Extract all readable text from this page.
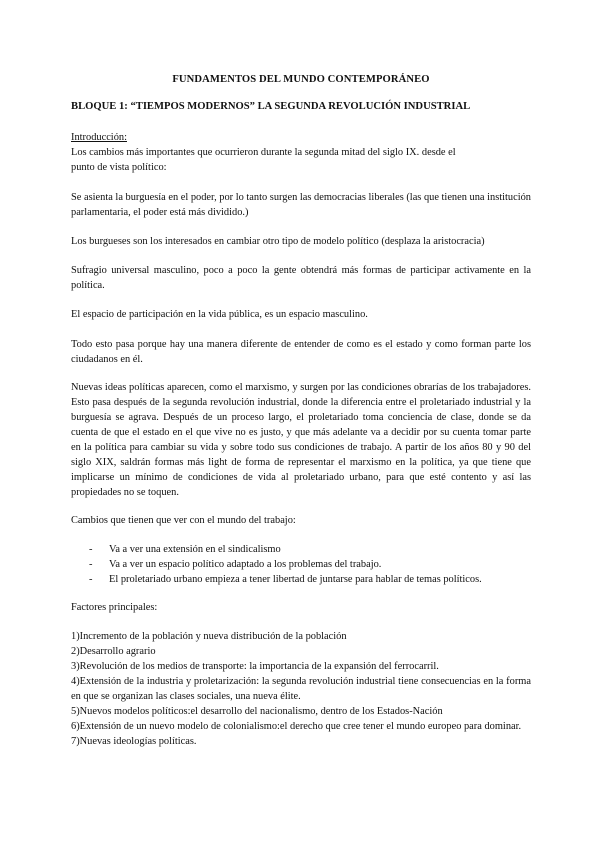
FUNDAMENTOS DEL MUNDO CONTEMPORÁNEO
BLOQUE 1: “TIEMPOS MODERNOS” LA SEGUNDA REVOLUCIÓN INDUSTRIAL
Introducción:
Los cambios más importantes que ocurrieron durante la segunda mitad del siglo IX. desde el
punto de vista político:

Se asienta la burguesía en el poder, por lo tanto surgen las democracias liberales (las que tienen una institución parlamentaria, el poder está más dividido.)

Los burgueses son los interesados en cambiar otro tipo de modelo político (desplaza la aristocracia)

Sufragio universal masculino, poco a poco la gente obtendrá más formas de participar activamente en la política.

El espacio de participación en la vida pública, es un espacio masculino.

Todo esto pasa porque hay una manera diferente de entender de como es el estado y como forman parte los ciudadanos en él.

Nuevas ideas políticas aparecen, como el marxismo, y surgen por las condiciones obrarías de los trabajadores. Esto pasa después de la segunda revolución industrial, donde la diferencia entre el proletariado industrial y la burguesía se agrava. Después de un proceso largo, el proletariado toma conciencia de clase, donde se da cuenta de que el estado en el que vive no es justo, y que más adelante va a decidir por su cuenta tomar parte en la política para cambiar su vida y sobre todo sus condiciones de trabajo. A partir de los años 80 y 90 del siglo XIX, saldrán formas más light de forma de representar el marxismo en la política, ya que tiene que implicarse un mínimo de condiciones de vida al proletariado urbano, para que esté contento y así las propiedades no se toquen.

Cambios que tienen que ver con el mundo del trabajo:
- Va a ver una extensión en el sindicalismo
- Va a ver un espacio político adaptado a los problemas del trabajo.
- El proletariado urbano empieza a tener libertad de juntarse para hablar de temas políticos.
Factores principales:
1)Incremento de la población y nueva distribución de la población
2)Desarrollo agrario
3)Revolución de los medios de transporte: la importancia de la expansión del ferrocarril.
4)Extensión de la industria y proletarización: la segunda revolución industrial tiene consecuencias en la forma en que se organizan las clases sociales, una nueva élite.
5)Nuevos modelos políticos:el desarrollo del nacionalismo, dentro de los Estados-Nación
6)Extensión de un nuevo modelo de colonialismo:el derecho que cree tener el mundo europeo para dominar.
7)Nuevas ideologías políticas.
